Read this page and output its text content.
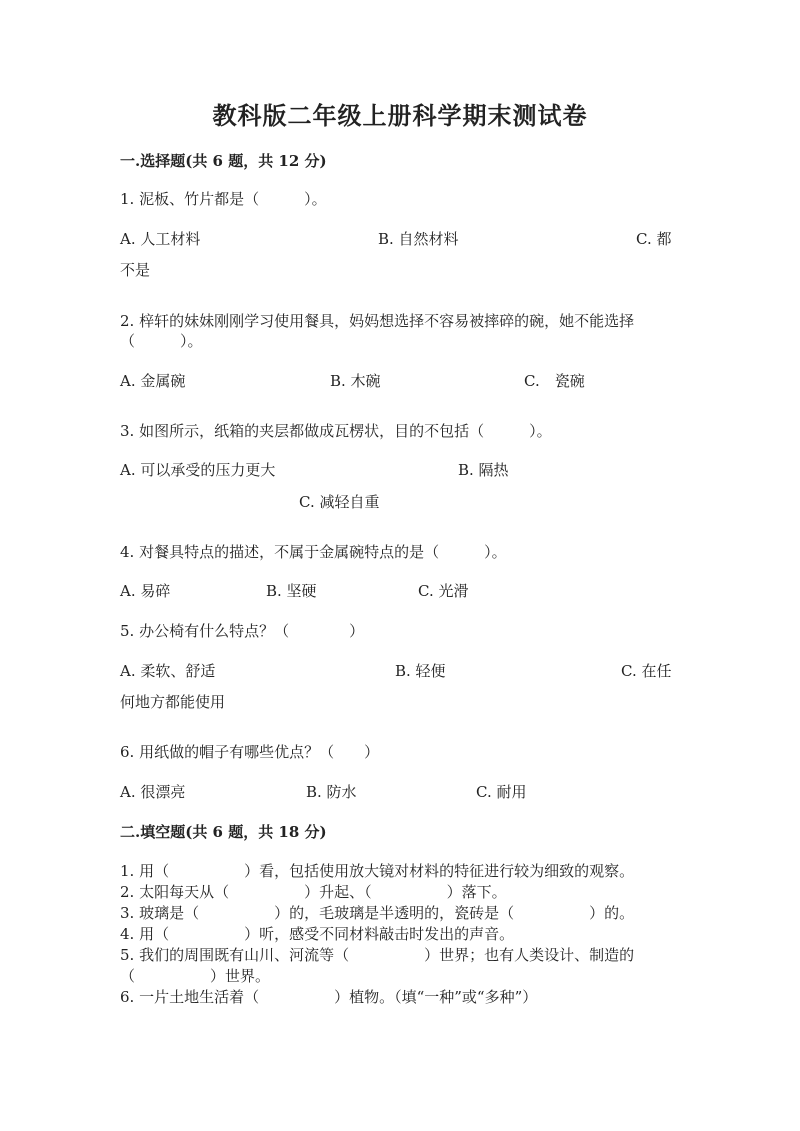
教科版二年级上册科学期末测试卷
一.选择题(共 6 题，共 12 分)
1. 泥板、竹片都是（　　　）。
A. 人工材料	B. 自然材料	C. 都
不是
2. 梓轩的妹妹刚刚学习使用餐具，妈妈想选择不容易被摔碎的碗，她不能选择
（　　　）。
A. 金属碗	B. 木碗	C.　瓷碗
3. 如图所示，纸箱的夹层都做成瓦楞状，目的不包括（　　　）。
A. 可以承受的压力更大	B. 隔热
C. 减轻自重
4. 对餐具特点的描述，不属于金属碗特点的是（　　　）。
A. 易碎	B. 坚硬	C. 光滑
5. 办公椅有什么特点？（　　　　）
A. 柔软、舒适	B. 轻便	C. 在任
何地方都能使用
6. 用纸做的帽子有哪些优点？（　　）
A. 很漂亮	B. 防水	C. 耐用
二.填空题(共 6 题，共 18 分)
1. 用（　　　　　）看，包括使用放大镜对材料的特征进行较为细致的观察。
2. 太阳每天从（　　　　　）升起、（　　　　　）落下。
3. 玻璃是（　　　　　）的，毛玻璃是半透明的，瓷砖是（　　　　　）的。
4. 用（　　　　　）听，感受不同材料敲击时发出的声音。
5. 我们的周围既有山川、河流等（　　　　　）世界；也有人类设计、制造的
（　　　　　）世界。
6. 一片土地生活着（　　　　　）植物。（填“一种”或“多种”）
